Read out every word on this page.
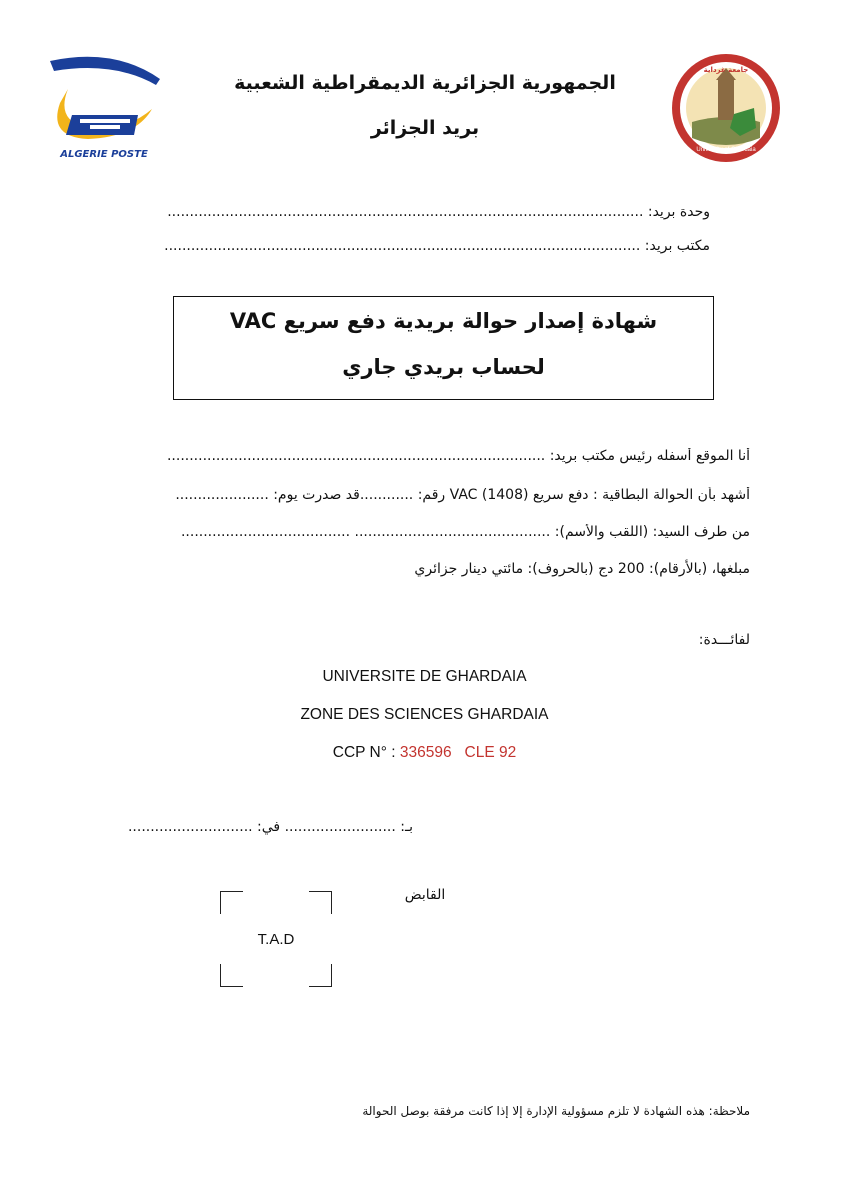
ALGERIE POSTE
جامعة غرداية
University of Ghardaia
الجمهورية الجزائرية الديمقراطية الشعبية
بريد الجزائر
وحدة بريد: ...........................................................................................................
مكتب بريد: ...........................................................................................................
شهادة إصدار حوالة بريدية دفع سريع VAC
لحساب بريدي جاري
أنا الموقع أسفله رئيس مكتب بريد: .....................................................................................
أشهد بأن الحوالة البطاقية : دفع سريع VAC (1408) رقم: ............قد صدرت يوم: .....................
من طرف السيد: (اللقب والأسم): ............................................ ......................................
مبلغها، (بالأرقام): 200 دج (بالحروف): مائتي دينار جزائري
لفائـــدة:
UNIVERSITE DE GHARDAIA
ZONE DES SCIENCES GHARDAIA
CCP N° : 336596 CLE 92
بـ: ......................... في: ............................
القابض
T.A.D
ملاحظة: هذه الشهادة لا تلزم مسؤولية الإدارة إلا إذا كانت مرفقة بوصل الحوالة
